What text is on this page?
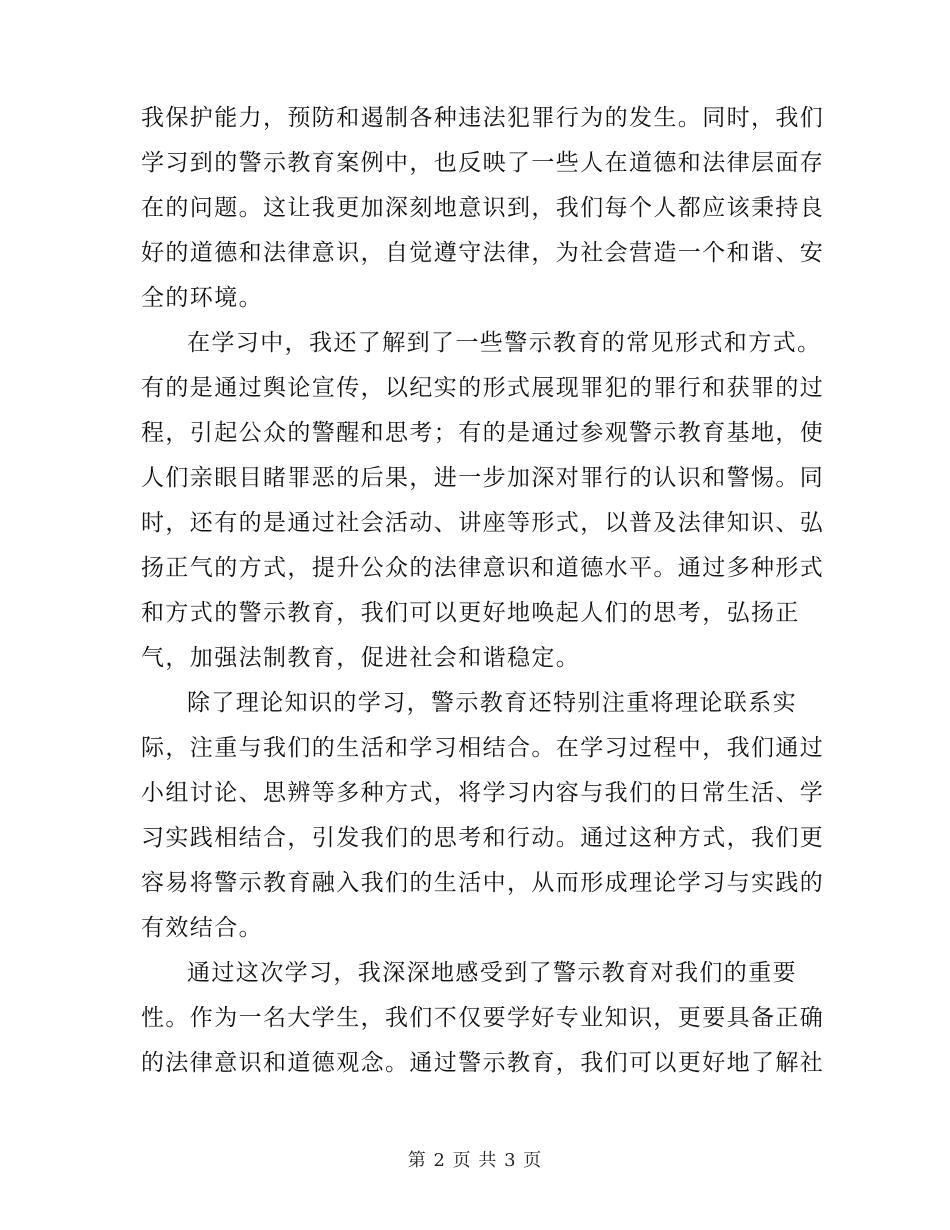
我保护能力，预防和遏制各种违法犯罪行为的发生。同时，我们
学习到的警示教育案例中，也反映了一些人在道德和法律层面存
在的问题。这让我更加深刻地意识到，我们每个人都应该秉持良
好的道德和法律意识，自觉遵守法律，为社会营造一个和谐、安
全的环境。
在学习中，我还了解到了一些警示教育的常见形式和方式。
有的是通过舆论宣传，以纪实的形式展现罪犯的罪行和获罪的过
程，引起公众的警醒和思考；有的是通过参观警示教育基地，使
人们亲眼目睹罪恶的后果，进一步加深对罪行的认识和警惕。同
时，还有的是通过社会活动、讲座等形式，以普及法律知识、弘
扬正气的方式，提升公众的法律意识和道德水平。通过多种形式
和方式的警示教育，我们可以更好地唤起人们的思考，弘扬正
气，加强法制教育，促进社会和谐稳定。
除了理论知识的学习，警示教育还特别注重将理论联系实
际，注重与我们的生活和学习相结合。在学习过程中，我们通过
小组讨论、思辨等多种方式，将学习内容与我们的日常生活、学
习实践相结合，引发我们的思考和行动。通过这种方式，我们更
容易将警示教育融入我们的生活中，从而形成理论学习与实践的
有效结合。
通过这次学习，我深深地感受到了警示教育对我们的重要
性。作为一名大学生，我们不仅要学好专业知识，更要具备正确
的法律意识和道德观念。通过警示教育，我们可以更好地了解社
第 2 页 共 3 页
